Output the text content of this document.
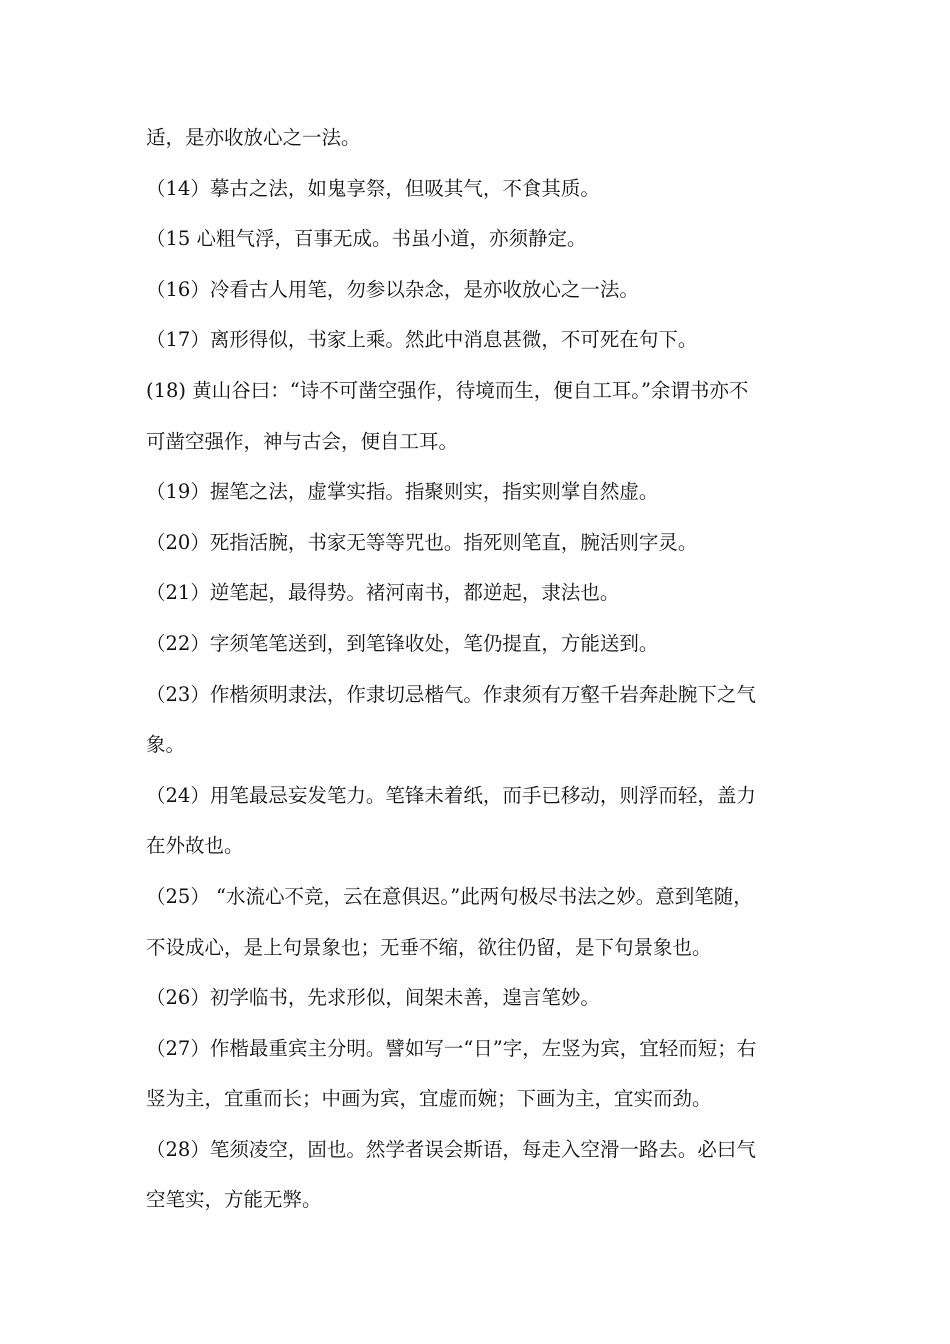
适，是亦收放心之一法。
（14）摹古之法，如鬼享祭，但吸其气，不食其质。
（15 心粗气浮，百事无成。书虽小道，亦须静定。
（16）冷看古人用笔，勿参以杂念，是亦收放心之一法。
（17）离形得似，书家上乘。然此中消息甚微，不可死在句下。
(18) 黄山谷曰：“诗不可凿空强作，待境而生，便自工耳。”余谓书亦不
可凿空强作，神与古会，便自工耳。
（19）握笔之法，虚掌实指。指聚则实，指实则掌自然虚。
（20）死指活腕，书家无等等咒也。指死则笔直，腕活则字灵。
（21）逆笔起，最得势。褚河南书，都逆起，隶法也。
（22）字须笔笔送到，到笔锋收处，笔仍提直，方能送到。
（23）作楷须明隶法，作隶切忌楷气。作隶须有万壑千岩奔赴腕下之气
象。
（24）用笔最忌妄发笔力。笔锋未着纸，而手已移动，则浮而轻，盖力
在外故也。
（25） “水流心不竞，云在意俱迟。”此两句极尽书法之妙。意到笔随，
不设成心，是上句景象也；无垂不缩，欲往仍留，是下句景象也。
（26）初学临书，先求形似，间架未善，遑言笔妙。
（27）作楷最重宾主分明。譬如写一“日”字，左竖为宾，宜轻而短；右
竖为主，宜重而长；中画为宾，宜虚而婉；下画为主，宜实而劲。
（28）笔须凌空，固也。然学者误会斯语，每走入空滑一路去。必曰气
空笔实，方能无弊。
